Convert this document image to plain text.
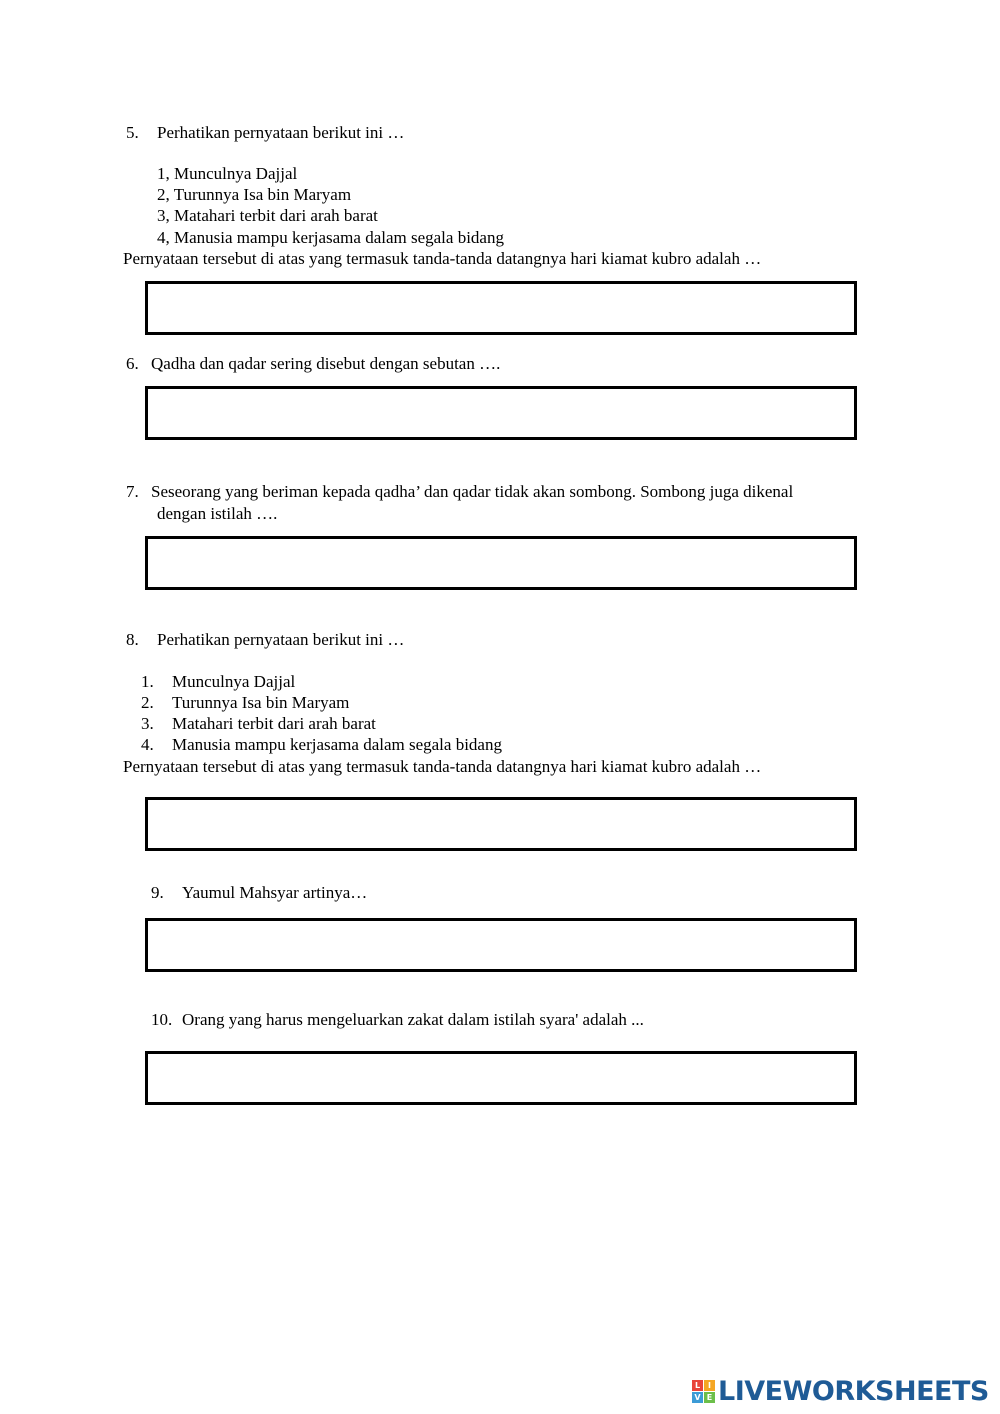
5. Perhatikan pernyataan berikut ini …
1, Munculnya Dajjal
2, Turunnya Isa bin Maryam
3, Matahari terbit dari arah barat
4, Manusia mampu kerjasama dalam segala bidang
Pernyataan tersebut di atas yang termasuk tanda-tanda datangnya hari kiamat kubro adalah …
6. Qadha dan qadar sering disebut dengan sebutan ….
7. Seseorang yang beriman kepada qadha’ dan qadar tidak akan sombong. Sombong juga dikenal
dengan istilah ….
8. Perhatikan pernyataan berikut ini …
1. Munculnya Dajjal
2. Turunnya Isa bin Maryam
3. Matahari terbit dari arah barat
4. Manusia mampu kerjasama dalam segala bidang
Pernyataan tersebut di atas yang termasuk tanda-tanda datangnya hari kiamat kubro adalah …
9. Yaumul Mahsyar artinya…
10. Orang yang harus mengeluarkan zakat dalam istilah syara' adalah ...
L I
V E LIVEWORKSHEETS
